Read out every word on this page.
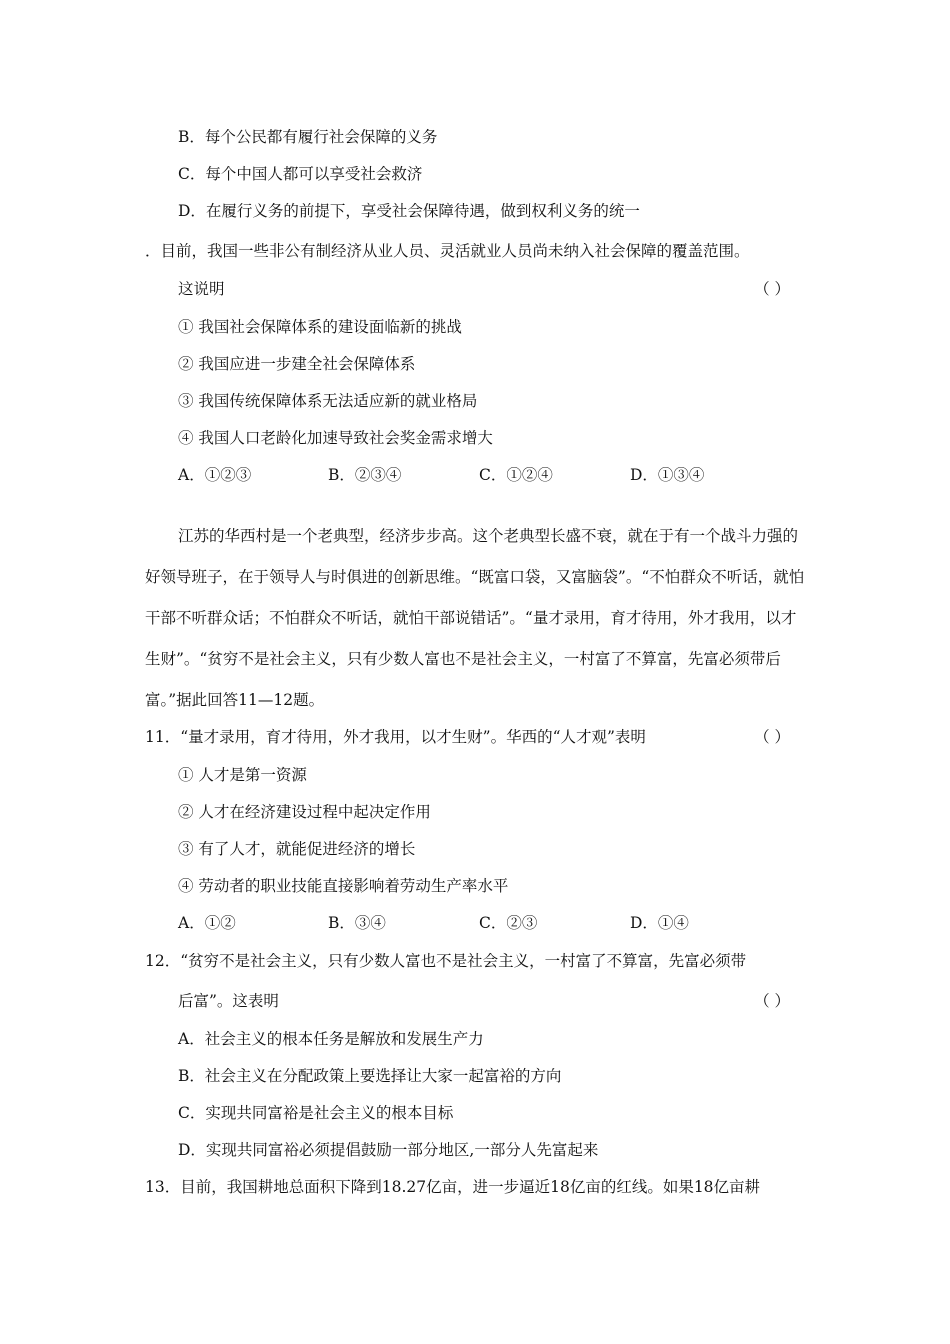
B．每个公民都有履行社会保障的义务
C．每个中国人都可以享受社会救济
D．在履行义务的前提下，享受社会保障待遇，做到权利义务的统一
．目前，我国一些非公有制经济从业人员、灵活就业人员尚未纳入社会保障的覆盖范围。
这说明	（ ）
① 我国社会保障体系的建设面临新的挑战
② 我国应进一步建全社会保障体系
③ 我国传统保障体系无法适应新的就业格局
④ 我国人口老龄化加速导致社会奖金需求增大
A．①②③	B．②③④	C．①②④	D．①③④
江苏的华西村是一个老典型，经济步步高。这个老典型长盛不衰，就在于有一个战斗力强的好领导班子，在于领导人与时俱进的创新思维。“既富口袋，又富脑袋”。“不怕群众不听话，就怕干部不听群众话；不怕群众不听话，就怕干部说错话”。“量才录用，育才待用，外才我用，以才生财”。“贫穷不是社会主义，只有少数人富也不是社会主义，一村富了不算富，先富必须带后富。”据此回答11—12题。
11．“量才录用，育才待用，外才我用，以才生财”。华西的“人才观”表明	（ ）
① 人才是第一资源
② 人才在经济建设过程中起决定作用
③ 有了人才，就能促进经济的增长
④ 劳动者的职业技能直接影响着劳动生产率水平
A．①②	B．③④	C．②③	D．①④
12．“贫穷不是社会主义，只有少数人富也不是社会主义，一村富了不算富，先富必须带
后富”。这表明	（ ）
A．社会主义的根本任务是解放和发展生产力
B．社会主义在分配政策上要选择让大家一起富裕的方向
C．实现共同富裕是社会主义的根本目标
D．实现共同富裕必须提倡鼓励一部分地区,一部分人先富起来
13．目前，我国耕地总面积下降到18.27亿亩，进一步逼近18亿亩的红线。如果18亿亩耕
